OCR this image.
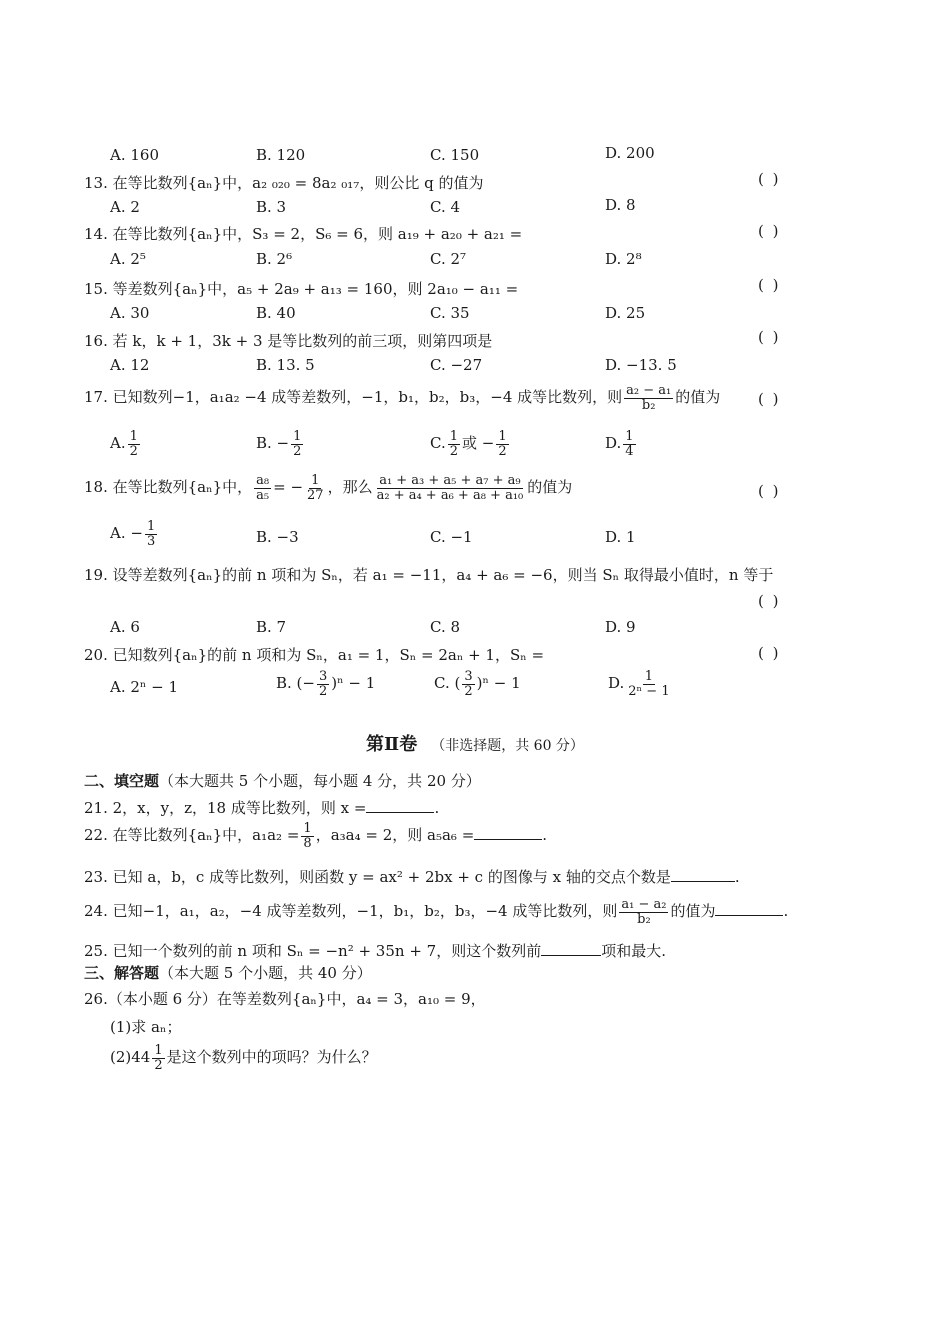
A. 160	B. 120	C. 150	D. 200
13. 在等比数列{aₙ}中，a₂ ₀₂₀ = 8a₂ ₀₁₇，则公比 q 的值为	( )
A. 2	B. 3	C. 4	D. 8
14. 在等比数列{aₙ}中，S₃ = 2，S₆ = 6，则 a₁₉ + a₂₀ + a₂₁ =	( )
A. 2⁵	B. 2⁶	C. 2⁷	D. 2⁸
15. 等差数列{aₙ}中，a₅ + 2a₉ + a₁₃ = 160，则 2a₁₀ − a₁₁ =	( )
A. 30	B. 40	C. 35	D. 25
16. 若 k，k + 1，3k + 3 是等比数列的前三项，则第四项是	( )
A. 12	B. 13. 5	C. −27	D. −13. 5
17. 已知数列−1，a₁a₂ −4 成等差数列，−1，b₁，b₂，b₃，−4 成等比数列，则 $\frac{\text{a₂ − a₁}}{\text{b₂}}$ 的值为	( )
A. $\frac{1}{2}$	B. − $\frac{1}{2}$	C. $\frac{1}{2}$ 或 − $\frac{1}{2}$	D. $\frac{1}{4}$
18. 在等比数列{aₙ}中， $\frac{\text{a₈}}{\text{a₅}}$ = − $\frac{1}{27}$ ，那么 $\frac{\text{a₁ + a₃ + a₅ + a₇ + a₉}}{\text{a₂ + a₄ + a₆ + a₈ + a₁₀}}$ 的值为	( )
A. − $\frac{1}{3}$	B. −3	C. −1	D. 1
19. 设等差数列{aₙ}的前 n 项和为 Sₙ，若 a₁ = −11，a₄ + a₆ = −6，则当 Sₙ 取得最小值时，n 等于
( )
A. 6	B. 7	C. 8	D. 9
20. 已知数列{aₙ}的前 n 项和为 Sₙ，a₁ = 1，Sₙ = 2aₙ + 1，Sₙ =	( )
A. 2ⁿ − 1	B. (− $\frac{3}{2} )^n - 1$	C. ( $\frac{3}{2} )^n - 1$	D. $\frac{1}{\text{2ⁿ − 1}}$
第Ⅱ卷 （非选择题，共 60 分）
二、填空题（本大题共 5 个小题，每小题 4 分，共 20 分）
21. 2，x，y，z，18 成等比数列，则 x =	.
22. 在等比数列{aₙ}中，$a_1a_2 = \frac{1}{8}$ ，a₃a₄ = 2，则 a₅a₆ =	.
23. 已知 a，b，c 成等比数列，则函数 y = ax² + 2bx + c 的图像与 x 轴的交点个数是	.
24. 已知−1，a₁，a₂，−4 成等差数列，−1，b₁，b₂，b₃，−4 成等比数列，则 $\frac{\text{a₁ − a₂}}{\text{b₂}}$ 的值为	.
25. 已知一个数列的前 n 项和 Sₙ = −n² + 35n + 7，则这个数列前	项和最大.
三、解答题（本大题 5 个小题，共 40 分）
26.（本小题 6 分）在等差数列{aₙ}中，a₄ = 3，a₁₀ = 9，
(1)求 aₙ；
$(2)44 \frac{1}{2}$ 是这个数列中的项吗？为什么？
